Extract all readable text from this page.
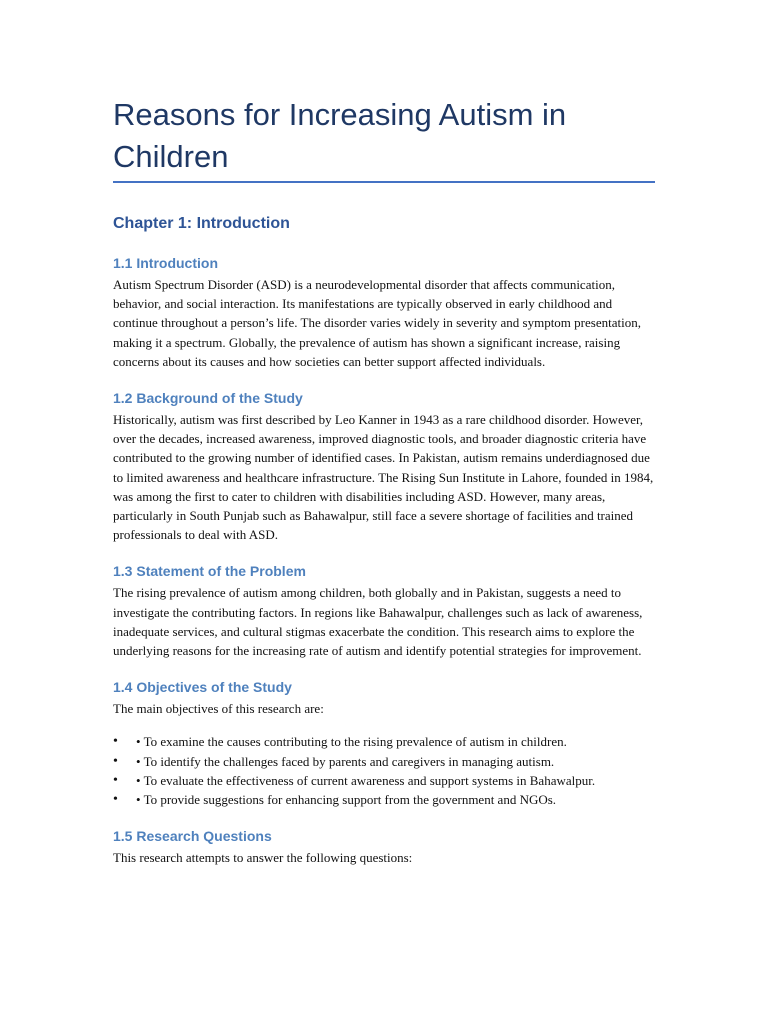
Reasons for Increasing Autism in Children
Chapter 1: Introduction
1.1 Introduction

Autism Spectrum Disorder (ASD) is a neurodevelopmental disorder that affects communication, behavior, and social interaction. Its manifestations are typically observed in early childhood and continue throughout a person’s life. The disorder varies widely in severity and symptom presentation, making it a spectrum. Globally, the prevalence of autism has shown a significant increase, raising concerns about its causes and how societies can better support affected individuals.

1.2 Background of the Study

Historically, autism was first described by Leo Kanner in 1943 as a rare childhood disorder. However, over the decades, increased awareness, improved diagnostic tools, and broader diagnostic criteria have contributed to the growing number of identified cases. In Pakistan, autism remains underdiagnosed due to limited awareness and healthcare infrastructure. The Rising Sun Institute in Lahore, founded in 1984, was among the first to cater to children with disabilities including ASD. However, many areas, particularly in South Punjab such as Bahawalpur, still face a severe shortage of facilities and trained professionals to deal with ASD.

1.3 Statement of the Problem

The rising prevalence of autism among children, both globally and in Pakistan, suggests a need to investigate the contributing factors. In regions like Bahawalpur, challenges such as lack of awareness, inadequate services, and cultural stigmas exacerbate the condition. This research aims to explore the underlying reasons for the increasing rate of autism and identify potential strategies for improvement.

1.4 Objectives of the Study

The main objectives of this research are:

• • To examine the causes contributing to the rising prevalence of autism in children.
• • To identify the challenges faced by parents and caregivers in managing autism.
• • To evaluate the effectiveness of current awareness and support systems in Bahawalpur.
• • To provide suggestions for enhancing support from the government and NGOs.
1.5 Research Questions

This research attempts to answer the following questions:
